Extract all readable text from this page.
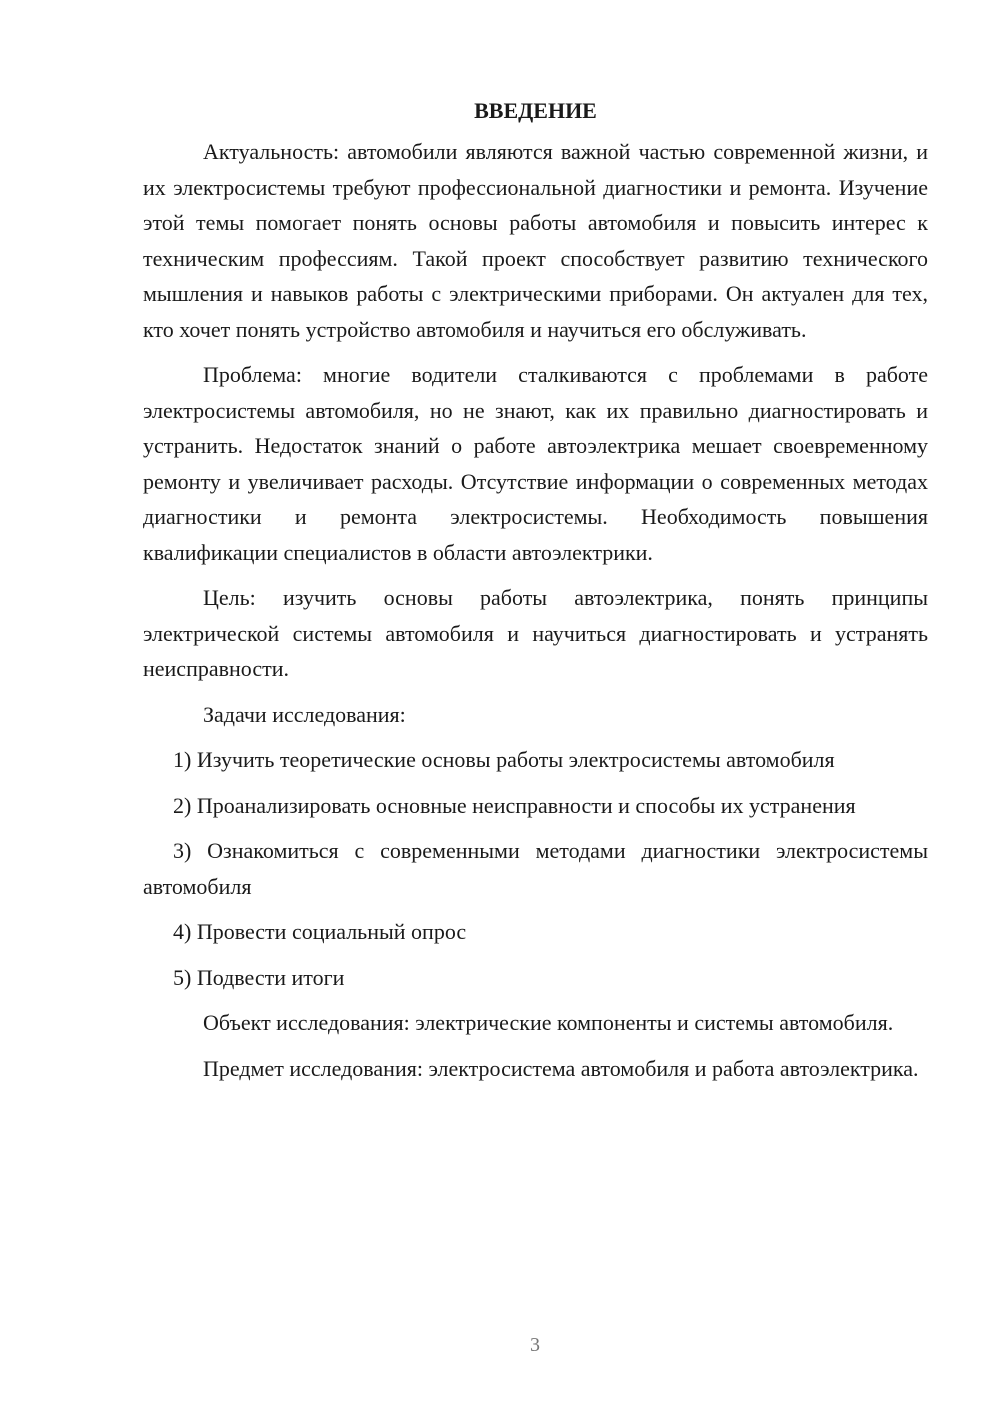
ВВЕДЕНИЕ

Актуальность: автомобили являются важной частью современной жизни, и их электросистемы требуют профессиональной диагностики и ремонта. Изучение этой темы помогает понять основы работы автомобиля и повысить интерес к техническим профессиям. Такой проект способствует развитию технического мышления и навыков работы с электрическими приборами. Он актуален для тех, кто хочет понять устройство автомобиля и научиться его обслуживать.

Проблема: многие водители сталкиваются с проблемами в работе электросистемы автомобиля, но не знают, как их правильно диагностировать и устранить. Недостаток знаний о работе автоэлектрика мешает своевременному ремонту и увеличивает расходы. Отсутствие информации о современных методах диагностики и ремонта электросистемы. Необходимость повышения квалификации специалистов в области автоэлектрики.

Цель: изучить основы работы автоэлектрика, понять принципы электрической системы автомобиля и научиться диагностировать и устранять неисправности.

Задачи исследования:

1) Изучить теоретические основы работы электросистемы автомобиля

2) Проанализировать основные неисправности и способы их устранения

3) Ознакомиться с современными методами диагностики электросистемы автомобиля

4) Провести социальный опрос

5) Подвести итоги

Объект исследования: электрические компоненты и системы автомобиля.

Предмет исследования: электросистема автомобиля и работа автоэлектрика.

3
